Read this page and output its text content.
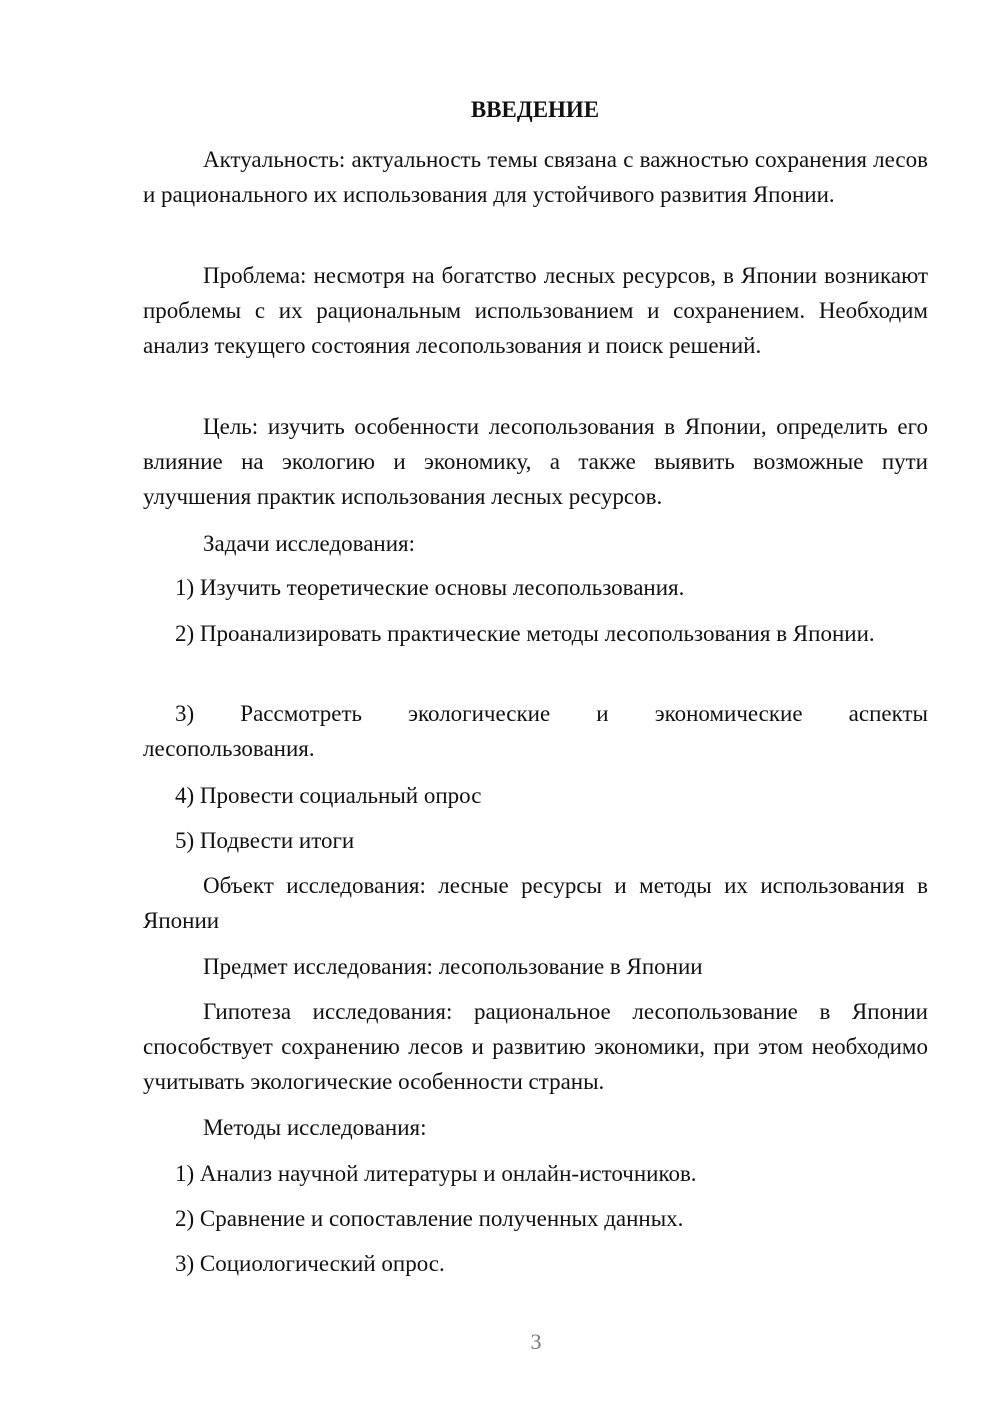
ВВЕДЕНИЕ

Актуальность: актуальность темы связана с важностью сохранения лесов и рационального их использования для устойчивого развития Японии.

Проблема: несмотря на богатство лесных ресурсов, в Японии возникают проблемы с их рациональным использованием и сохранением. Необходим анализ текущего состояния лесопользования и поиск решений.

Цель: изучить особенности лесопользования в Японии, определить его влияние на экологию и экономику, а также выявить возможные пути улучшения практик использования лесных ресурсов.

Задачи исследования:

1) Изучить теоретические основы лесопользования.

2) Проанализировать практические методы лесопользования в Японии.

3) Рассмотреть экологические и экономические аспекты лесопользования.

4) Провести социальный опрос

5) Подвести итоги

Объект исследования: лесные ресурсы и методы их использования в Японии

Предмет исследования: лесопользование в Японии

Гипотеза исследования: рациональное лесопользование в Японии способствует сохранению лесов и развитию экономики, при этом необходимо учитывать экологические особенности страны.

Методы исследования:

1) Анализ научной литературы и онлайн-источников.

2) Сравнение и сопоставление полученных данных.

3) Социологический опрос.

3
